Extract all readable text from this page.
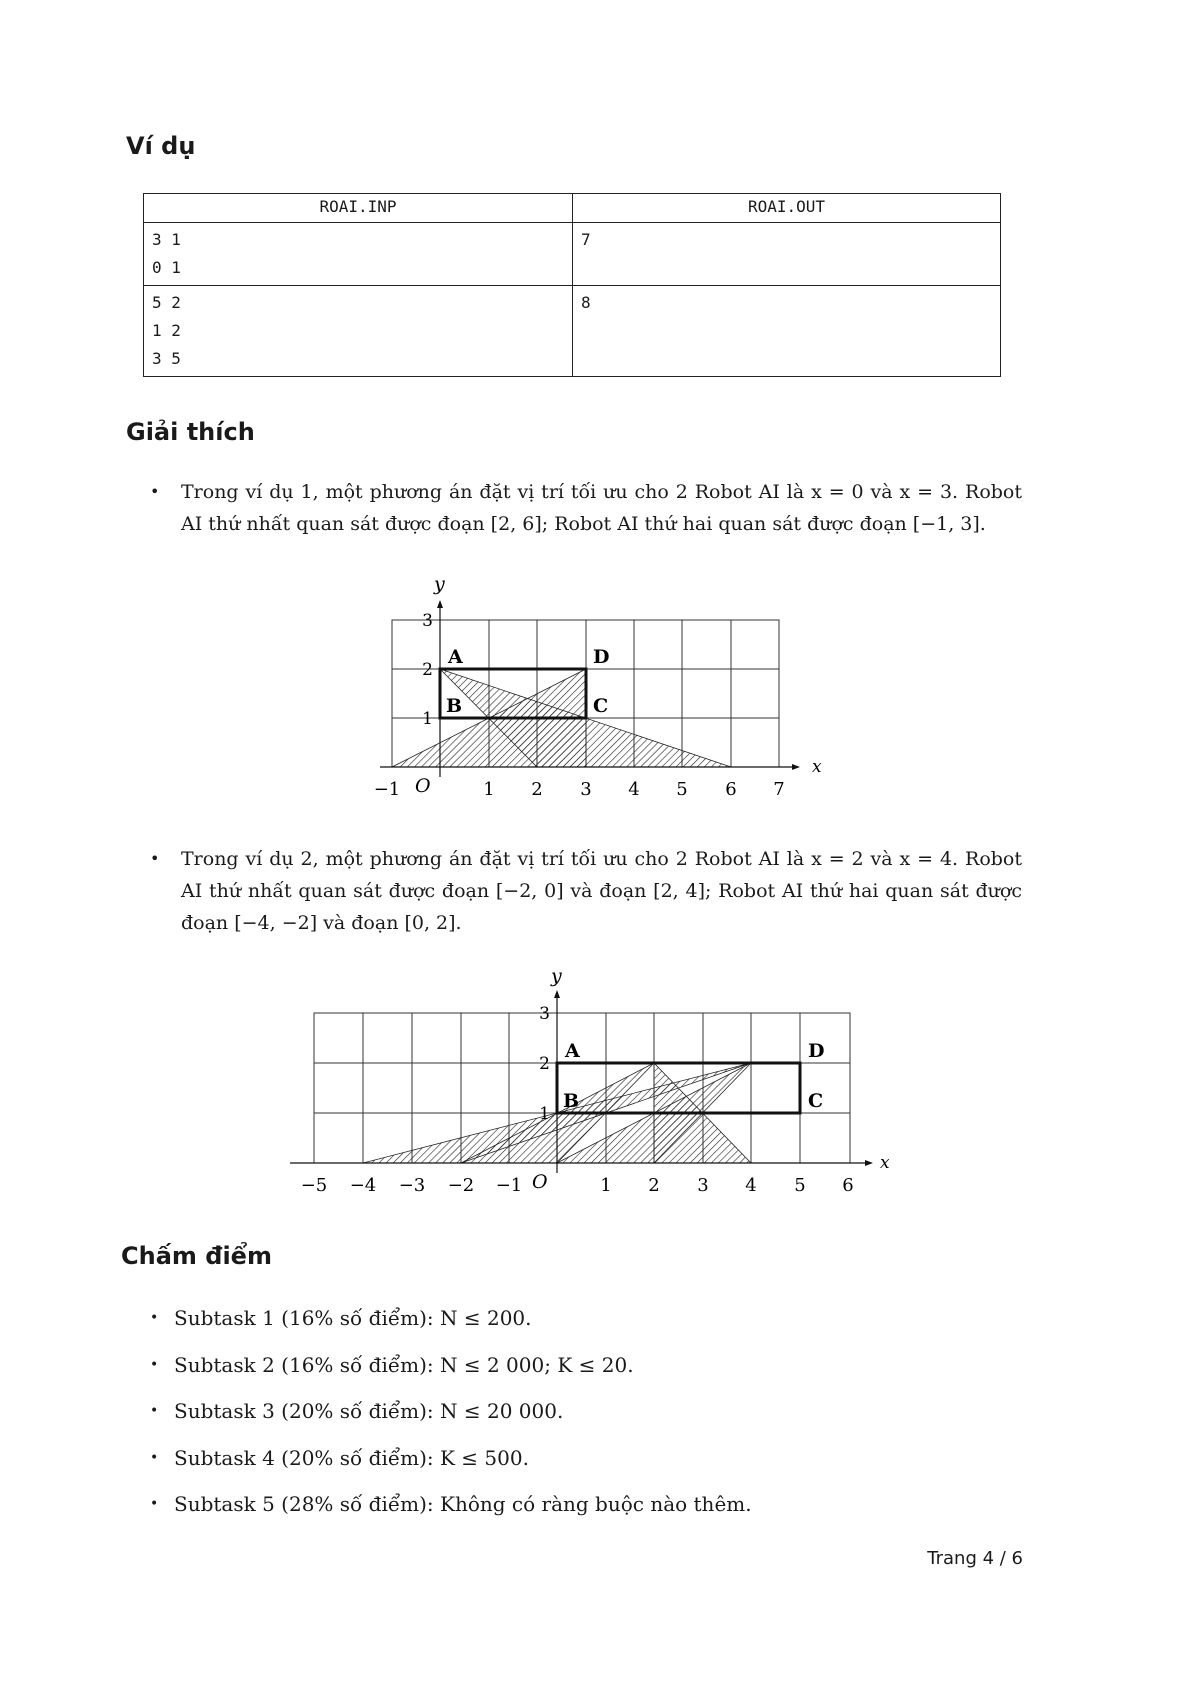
Ví dụ
ROAI.INP	ROAI.OUT
3 1
0 1	7
5 2
1 2
3 5	8
Giải thích
•	Trong ví dụ 1, một phương án đặt vị trí tối ưu cho 2 Robot AI là x = 0 và x = 3. Robot AI thứ nhất quan sát được đoạn [2, 6]; Robot AI thứ hai quan sát được đoạn [−1, 3].

x
y
O
−1	1 2 3 4 5 6 7
1
2
3
A
B	C
D
•	Trong ví dụ 2, một phương án đặt vị trí tối ưu cho 2 Robot AI là x = 2 và x = 4. Robot AI thứ nhất quan sát được đoạn [−2, 0] và đoạn [2, 4]; Robot AI thứ hai quan sát được đoạn [−4, −2] và đoạn [0, 2].

x
y
O
−5 −4 −3 −2 −1	1 2 3 4 5 6
1
2
3
A
B	C
D
Chấm điểm
• Subtask 1 (16% số điểm): N ≤ 200.
• Subtask 2 (16% số điểm): N ≤ 2 000; K ≤ 20.
• Subtask 3 (20% số điểm): N ≤ 20 000.
• Subtask 4 (20% số điểm): K ≤ 500.
• Subtask 5 (28% số điểm): Không có ràng buộc nào thêm.
Trang 4 / 6
